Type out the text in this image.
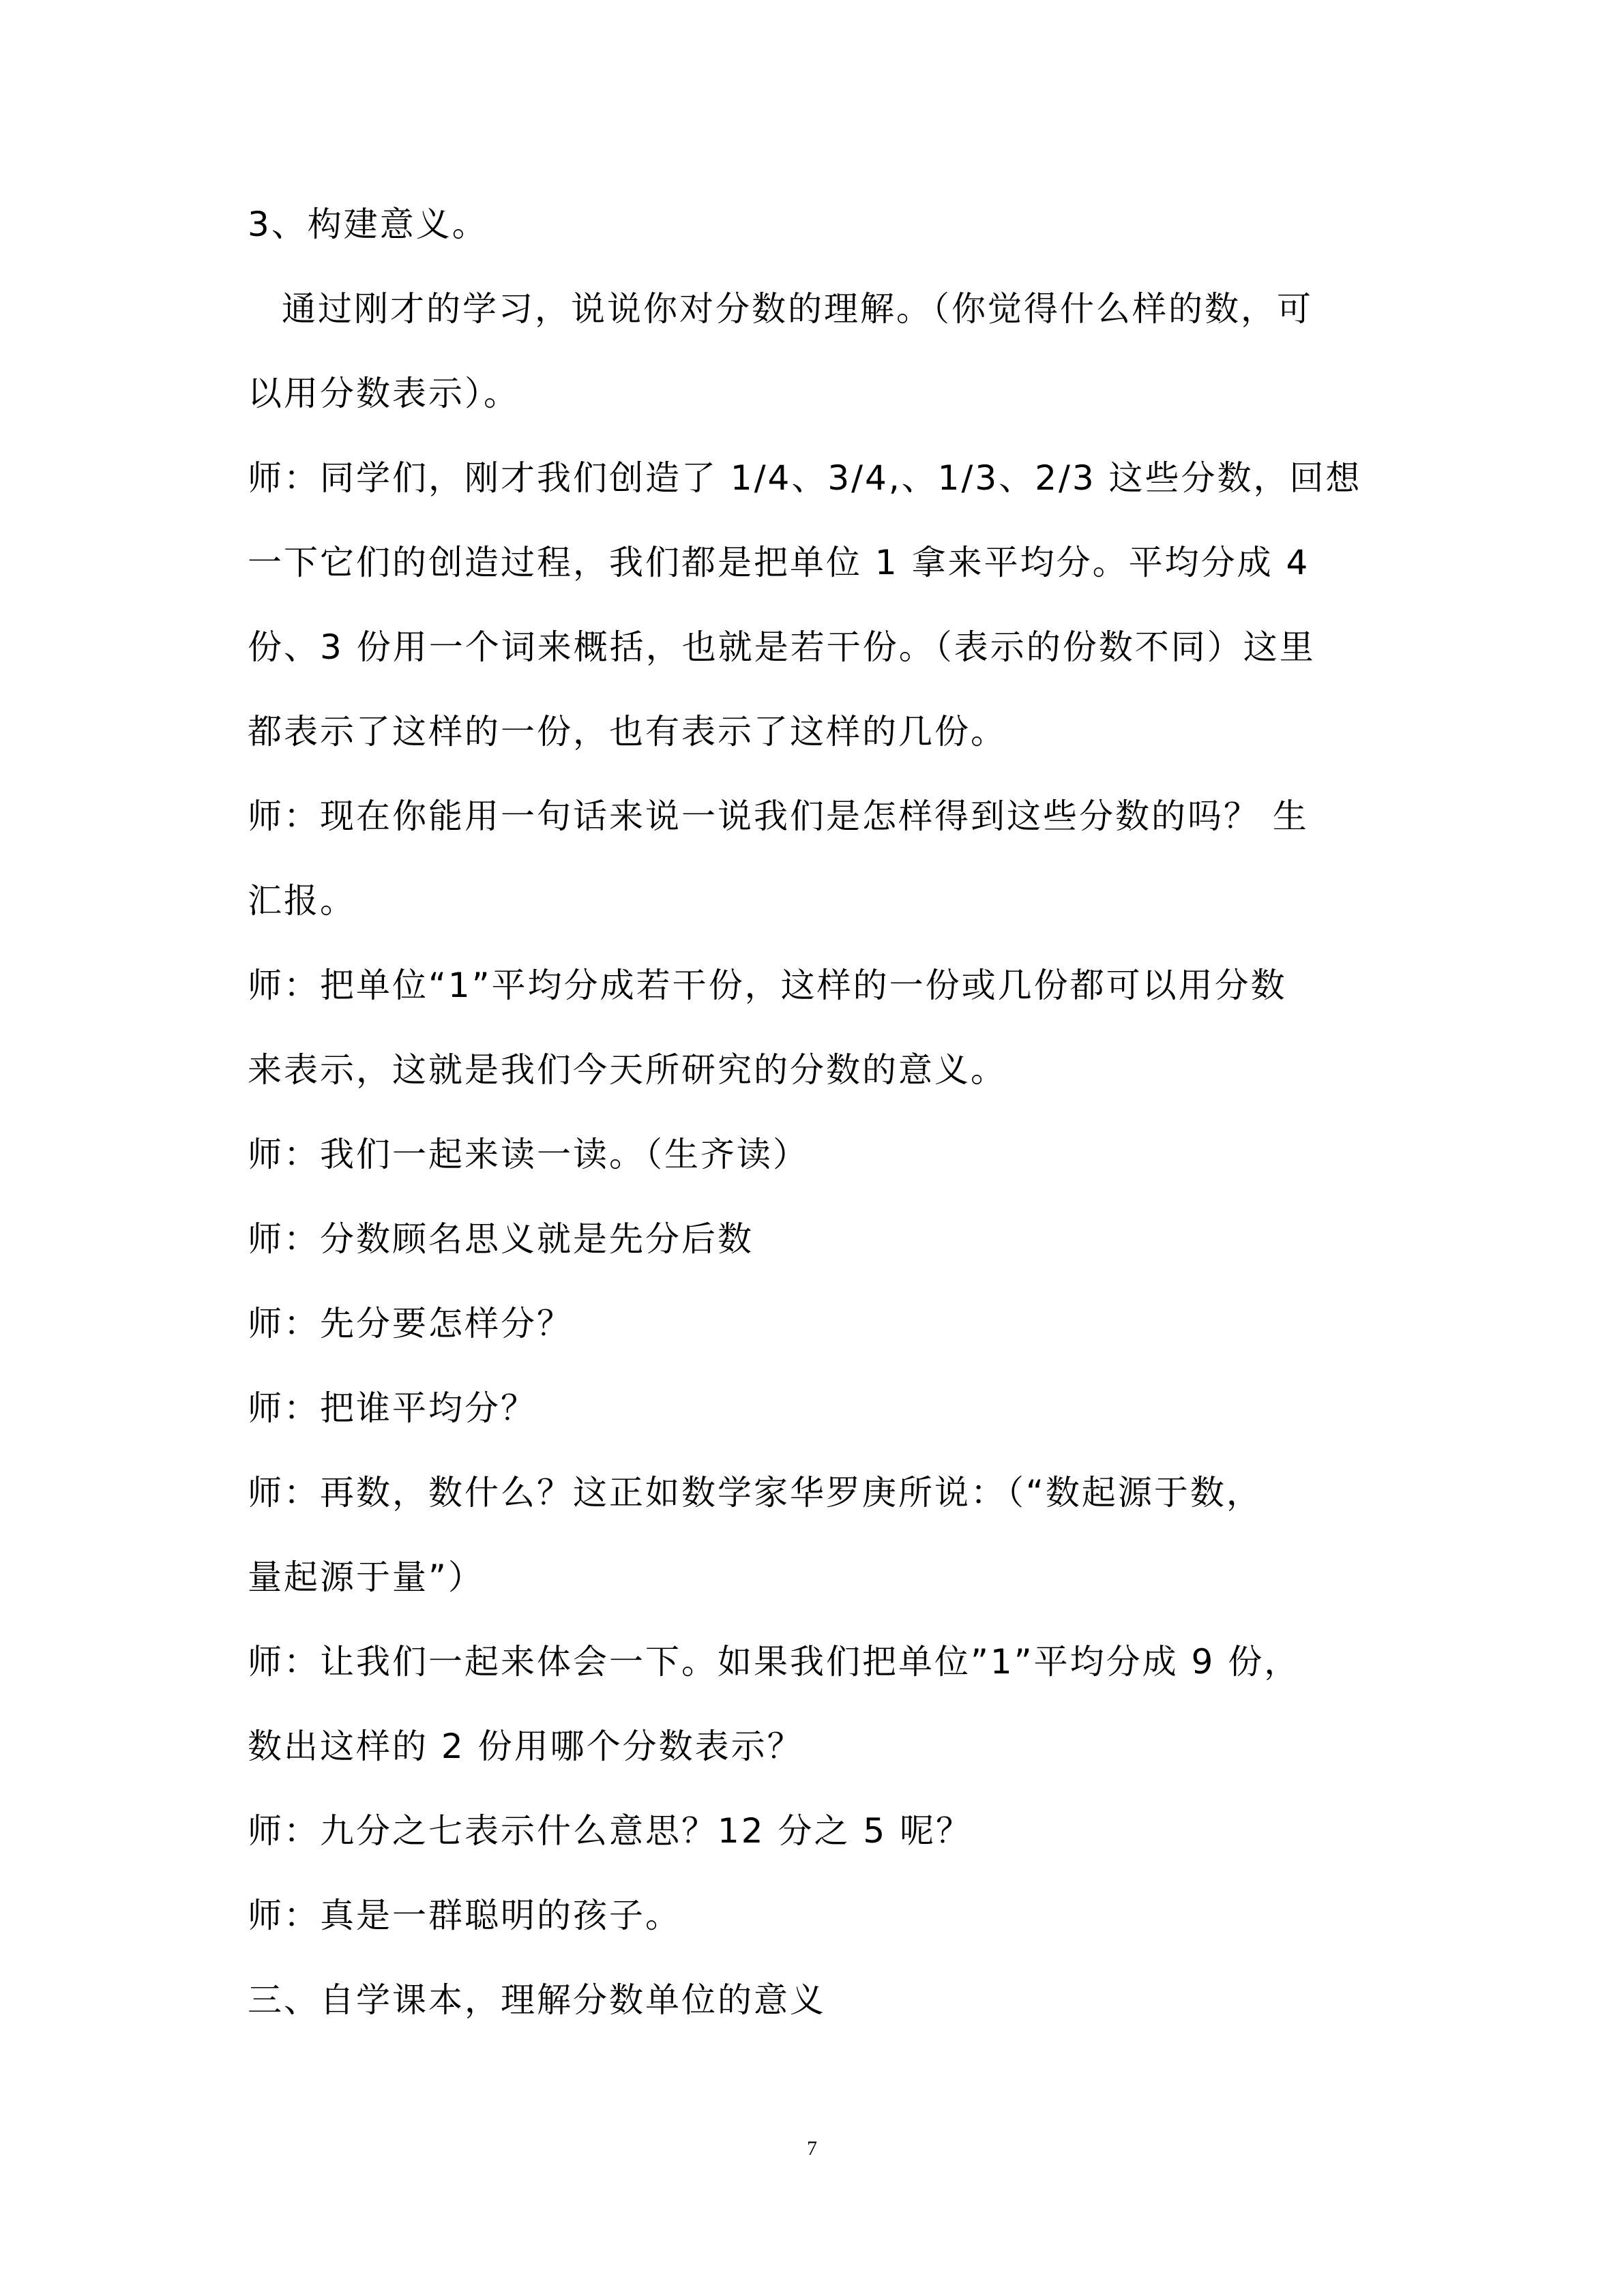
3、构建意义。
通过刚才的学习，说说你对分数的理解。（你觉得什么样的数，可
以用分数表示）。
师：同学们，刚才我们创造了 1/4、3/4,、1/3、2/3 这些分数，回想
一下它们的创造过程，我们都是把单位 1 拿来平均分。平均分成 4
份、3 份用一个词来概括，也就是若干份。（表示的份数不同）这里
都表示了这样的一份，也有表示了这样的几份。
师：现在你能用一句话来说一说我们是怎样得到这些分数的吗？ 生
汇报。
师：把单位“1”平均分成若干份，这样的一份或几份都可以用分数
来表示，这就是我们今天所研究的分数的意义。
师：我们一起来读一读。（生齐读）
师：分数顾名思义就是先分后数
师：先分要怎样分？
师：把谁平均分？
师：再数，数什么？这正如数学家华罗庚所说：（“数起源于数，
量起源于量”）
师：让我们一起来体会一下。如果我们把单位”1”平均分成 9 份，
数出这样的 2 份用哪个分数表示？
师：九分之七表示什么意思？12 分之 5 呢？
师：真是一群聪明的孩子。
三、自学课本，理解分数单位的意义
7
